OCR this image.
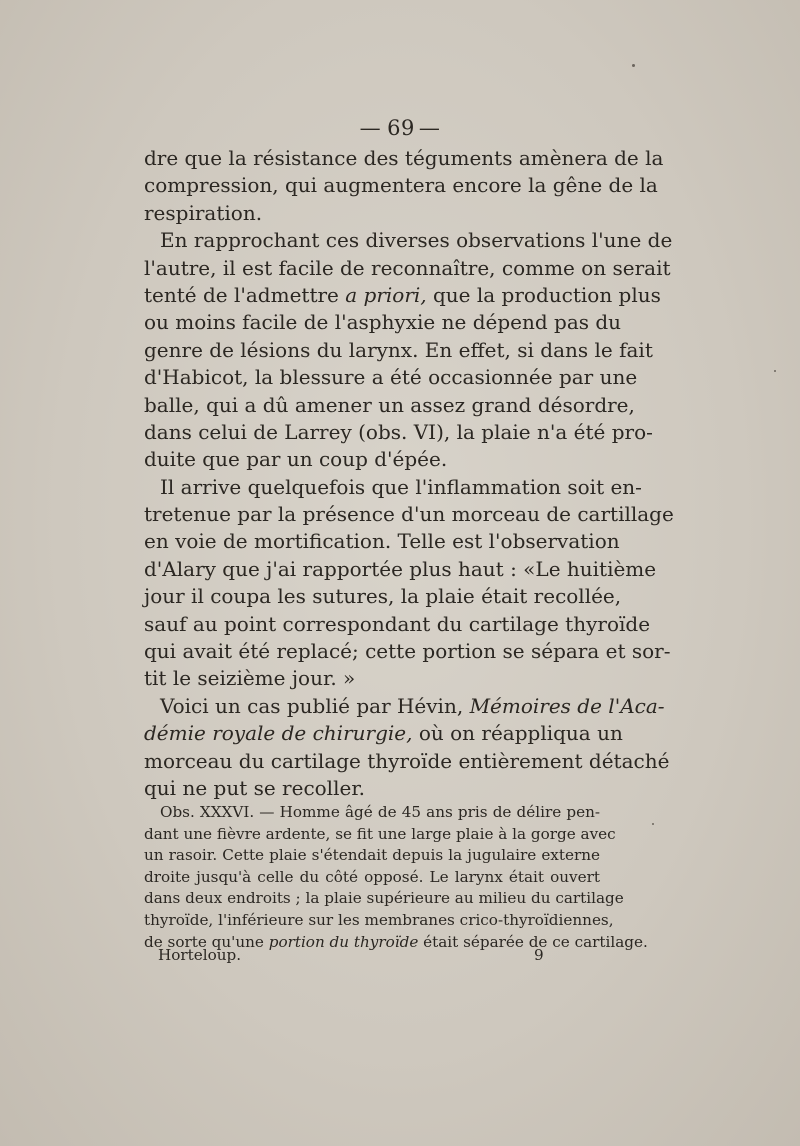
— 69 —
dre que la résistance des téguments amènera de la
compression, qui augmentera encore la gêne de la
respiration.
En rapprochant ces diverses observations l'une de
l'autre, il est facile de reconnaître, comme on serait
tenté de l'admettre a priori, que la production plus
ou moins facile de l'asphyxie ne dépend pas du
genre de lésions du larynx. En effet, si dans le fait
d'Habicot, la blessure a été occasionnée par une
balle, qui a dû amener un assez grand désordre,
dans celui de Larrey (obs. VI), la plaie n'a été pro-
duite que par un coup d'épée.
Il arrive quelquefois que l'inflammation soit en-
tretenue par la présence d'un morceau de cartillage
en voie de mortification. Telle est l'observation
d'Alary que j'ai rapportée plus haut : «Le huitième
jour il coupa les sutures, la plaie était recollée,
sauf au point correspondant du cartilage thyroïde
qui avait été replacé; cette portion se sépara et sor-
tit le seizième jour. »
Voici un cas publié par Hévin, Mémoires de l'Aca-
démie royale de chirurgie, où on réappliqua un
morceau du cartilage thyroïde entièrement détaché
qui ne put se recoller.
Obs. XXXVI. — Homme âgé de 45 ans pris de délire pen-
dant une fièvre ardente, se fit une large plaie à la gorge avec
un rasoir. Cette plaie s'étendait depuis la jugulaire externe
droite jusqu'à celle du côté opposé. Le larynx était ouvert
dans deux endroits ; la plaie supérieure au milieu du cartilage
thyroïde, l'inférieure sur les membranes crico-thyroïdiennes,
de sorte qu'une portion du thyroïde était séparée de ce cartilage.
Horteloup.	9
